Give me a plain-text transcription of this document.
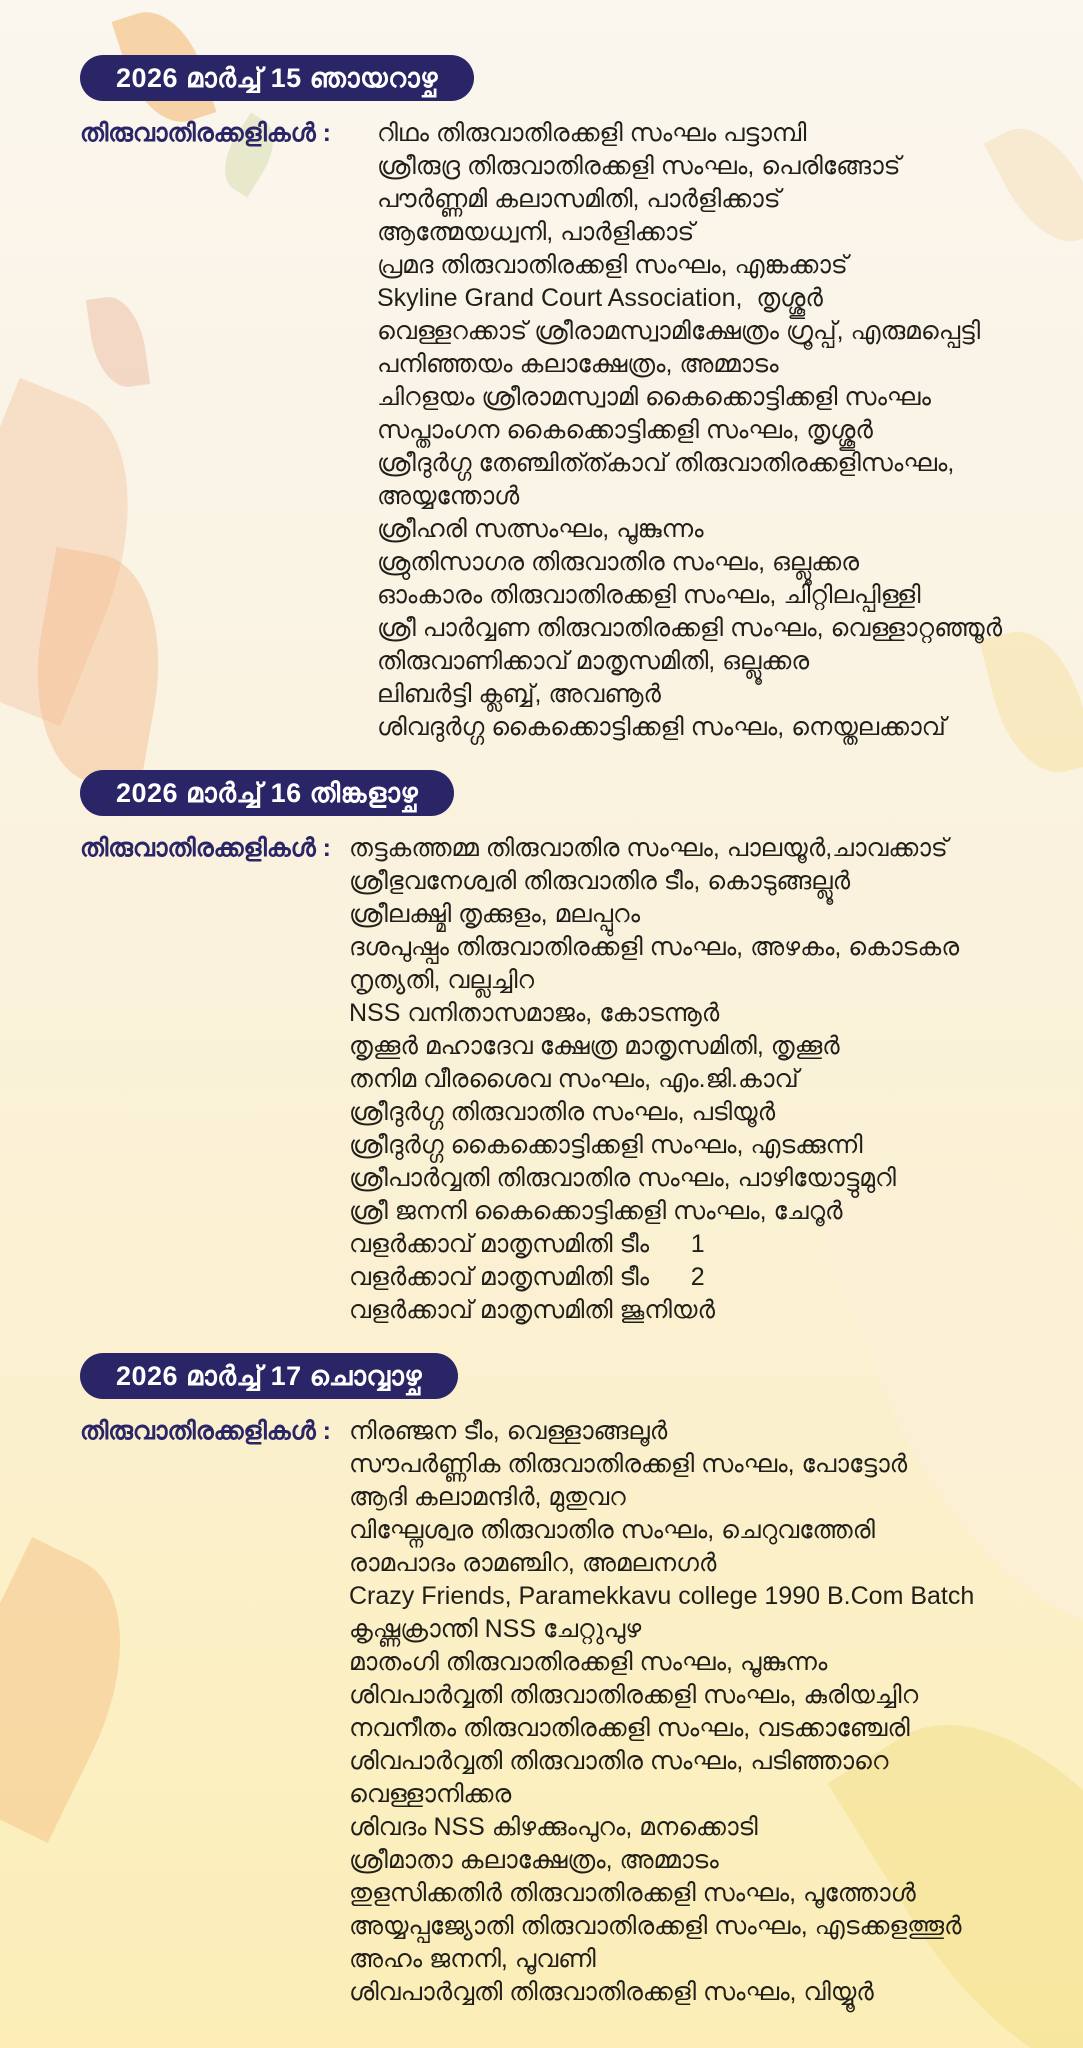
2026 മാർച്ച് 15 ഞായറാഴ്ച
തിരുവാതിരക്കളികൾ : റിഥം തിരുവാതിരക്കളി സംഘം പട്ടാമ്പി
ശ്രീരുദ്ര തിരുവാതിരക്കളി സംഘം, പെരിങ്ങോട്
പൗർണ്ണമി കലാസമിതി, പാർളിക്കാട്
ആത്മേയധ്വനി, പാർളിക്കാട്
പ്രമദ തിരുവാതിരക്കളി സംഘം, എങ്കക്കാട്
Skyline Grand Court Association,  തൃശ്ശൂർ
വെള്ളറക്കാട് ശ്രീരാമസ്വാമിക്ഷേത്രം ഗ്രൂപ്പ്, എരുമപ്പെട്ടി
പനിഞ്ഞയം കലാക്ഷേത്രം, അമ്മാടം
ചിറളയം ശ്രീരാമസ്വാമി കൈക്കൊട്ടിക്കളി സംഘം
സപ്താംഗന കൈക്കൊട്ടിക്കളി സംഘം, തൃശ്ശൂർ
ശ്രീദുർഗ്ഗ തേഞ്ചിത്ത്കാവ് തിരുവാതിരക്കളിസംഘം, അയ്യന്തോൾ
ശ്രീഹരി സത്സംഘം, പൂങ്കുന്നം
ശ്രുതിസാഗര തിരുവാതിര സംഘം, ഒല്ലൂക്കര
ഓംകാരം തിരുവാതിരക്കളി സംഘം, ചിറ്റിലപ്പിള്ളി
ശ്രീ പാർവ്വണ തിരുവാതിരക്കളി സംഘം, വെള്ളാറ്റഞ്ഞൂർ
തിരുവാണിക്കാവ് മാതൃസമിതി, ഒല്ലൂക്കര
ലിബർട്ടി ക്ലബ്ബ്, അവണൂർ
ശിവദുർഗ്ഗ കൈക്കൊട്ടിക്കളി സംഘം, നെയ്തലക്കാവ്
2026 മാർച്ച് 16 തിങ്കളാഴ്ച
തിരുവാതിരക്കളികൾ : തട്ടകത്തമ്മ തിരുവാതിര സംഘം, പാലയൂർ,ചാവക്കാട്
ശ്രീഭുവനേശ്വരി തിരുവാതിര ടീം, കൊടുങ്ങല്ലൂർ
ശ്രീലക്ഷ്മി തൃക്കുളം, മലപ്പുറം
ദശപുഷ്പം തിരുവാതിരക്കളി സംഘം, അഴകം, കൊടകര
നൃത്യതി, വല്ലച്ചിറ
NSS വനിതാസമാജം, കോടന്നൂർ
തൃക്കൂർ മഹാദേവ ക്ഷേത്ര മാതൃസമിതി, തൃക്കൂർ
തനിമ വീരശൈവ സംഘം, എം.ജി.കാവ്
ശ്രീദുർഗ്ഗ തിരുവാതിര സംഘം, പടിയൂർ
ശ്രീദുർഗ്ഗ കൈക്കൊട്ടിക്കളി സംഘം, എടക്കുന്നി
ശ്രീപാർവ്വതി തിരുവാതിര സംഘം, പാഴിയോട്ടുമുറി
ശ്രീ ജനനി കൈക്കൊട്ടിക്കളി സംഘം, ചേറൂർ
വളർക്കാവ് മാതൃസമിതി ടീം      1
വളർക്കാവ് മാതൃസമിതി ടീം      2
വളർക്കാവ് മാതൃസമിതി ജൂനിയർ
2026 മാർച്ച് 17 ചൊവ്വാഴ്ച
തിരുവാതിരക്കളികൾ : നിരഞ്ജന ടീം, വെള്ളാങ്ങലൂർ
സൗപർണ്ണിക തിരുവാതിരക്കളി സംഘം, പോട്ടോർ
ആദി കലാമന്ദിർ, മുതുവറ
വിഘ്നേശ്വര തിരുവാതിര സംഘം, ചെറുവത്തേരി
രാമപാദം രാമഞ്ചിറ, അമലനഗർ
Crazy Friends, Paramekkavu college 1990 B.Com Batch
കൃഷ്ണക്രാന്തി NSS ചേറ്റുപുഴ
മാതംഗി തിരുവാതിരക്കളി സംഘം, പൂങ്കുന്നം
ശിവപാർവ്വതി തിരുവാതിരക്കളി സംഘം, കുരിയച്ചിറ
നവനീതം തിരുവാതിരക്കളി സംഘം, വടക്കാഞ്ചേരി
ശിവപാർവ്വതി തിരുവാതിര സംഘം, പടിഞ്ഞാറെ വെള്ളാനിക്കര
ശിവദം NSS കിഴക്കുംപുറം, മനക്കൊടി
ശ്രീമാതാ കലാക്ഷേത്രം, അമ്മാടം
തുളസിക്കതിർ തിരുവാതിരക്കളി സംഘം, പൂത്തോൾ
അയ്യപ്പജ്യോതി തിരുവാതിരക്കളി സംഘം, എടക്കളത്തൂർ
അഹം ജനനി, പൂവണി
ശിവപാർവ്വതി തിരുവാതിരക്കളി സംഘം, വിയ്യൂർ
